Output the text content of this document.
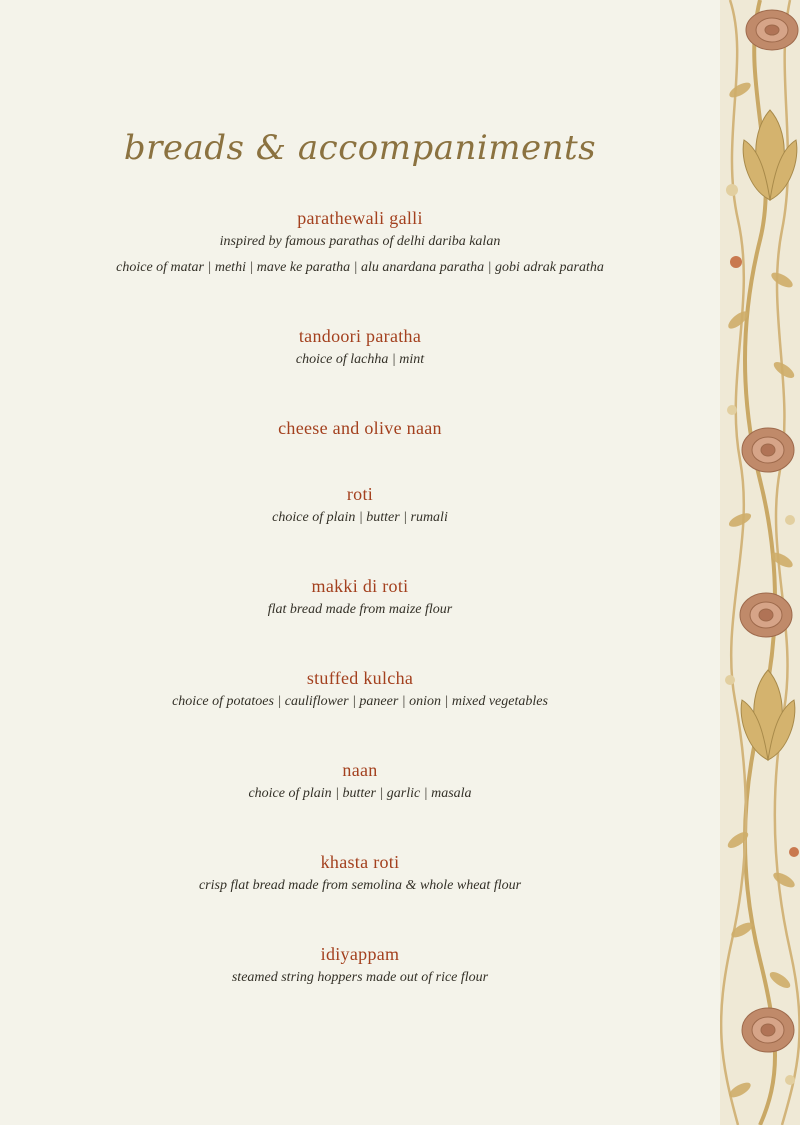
breads & accompaniments
parathewali galli
inspired by famous parathas of delhi dariba kalan
choice of matar | methi | mave ke paratha | alu anardana paratha | gobi adrak paratha
tandoori paratha
choice of lachha | mint
cheese and olive naan
roti
choice of plain | butter | rumali
makki di roti
flat bread made from maize flour
stuffed kulcha
choice of potatoes | cauliflower | paneer | onion | mixed vegetables
naan
choice of plain | butter | garlic | masala
khasta roti
crisp flat bread made from semolina & whole wheat flour
idiyappam
steamed string hoppers made out of rice flour
